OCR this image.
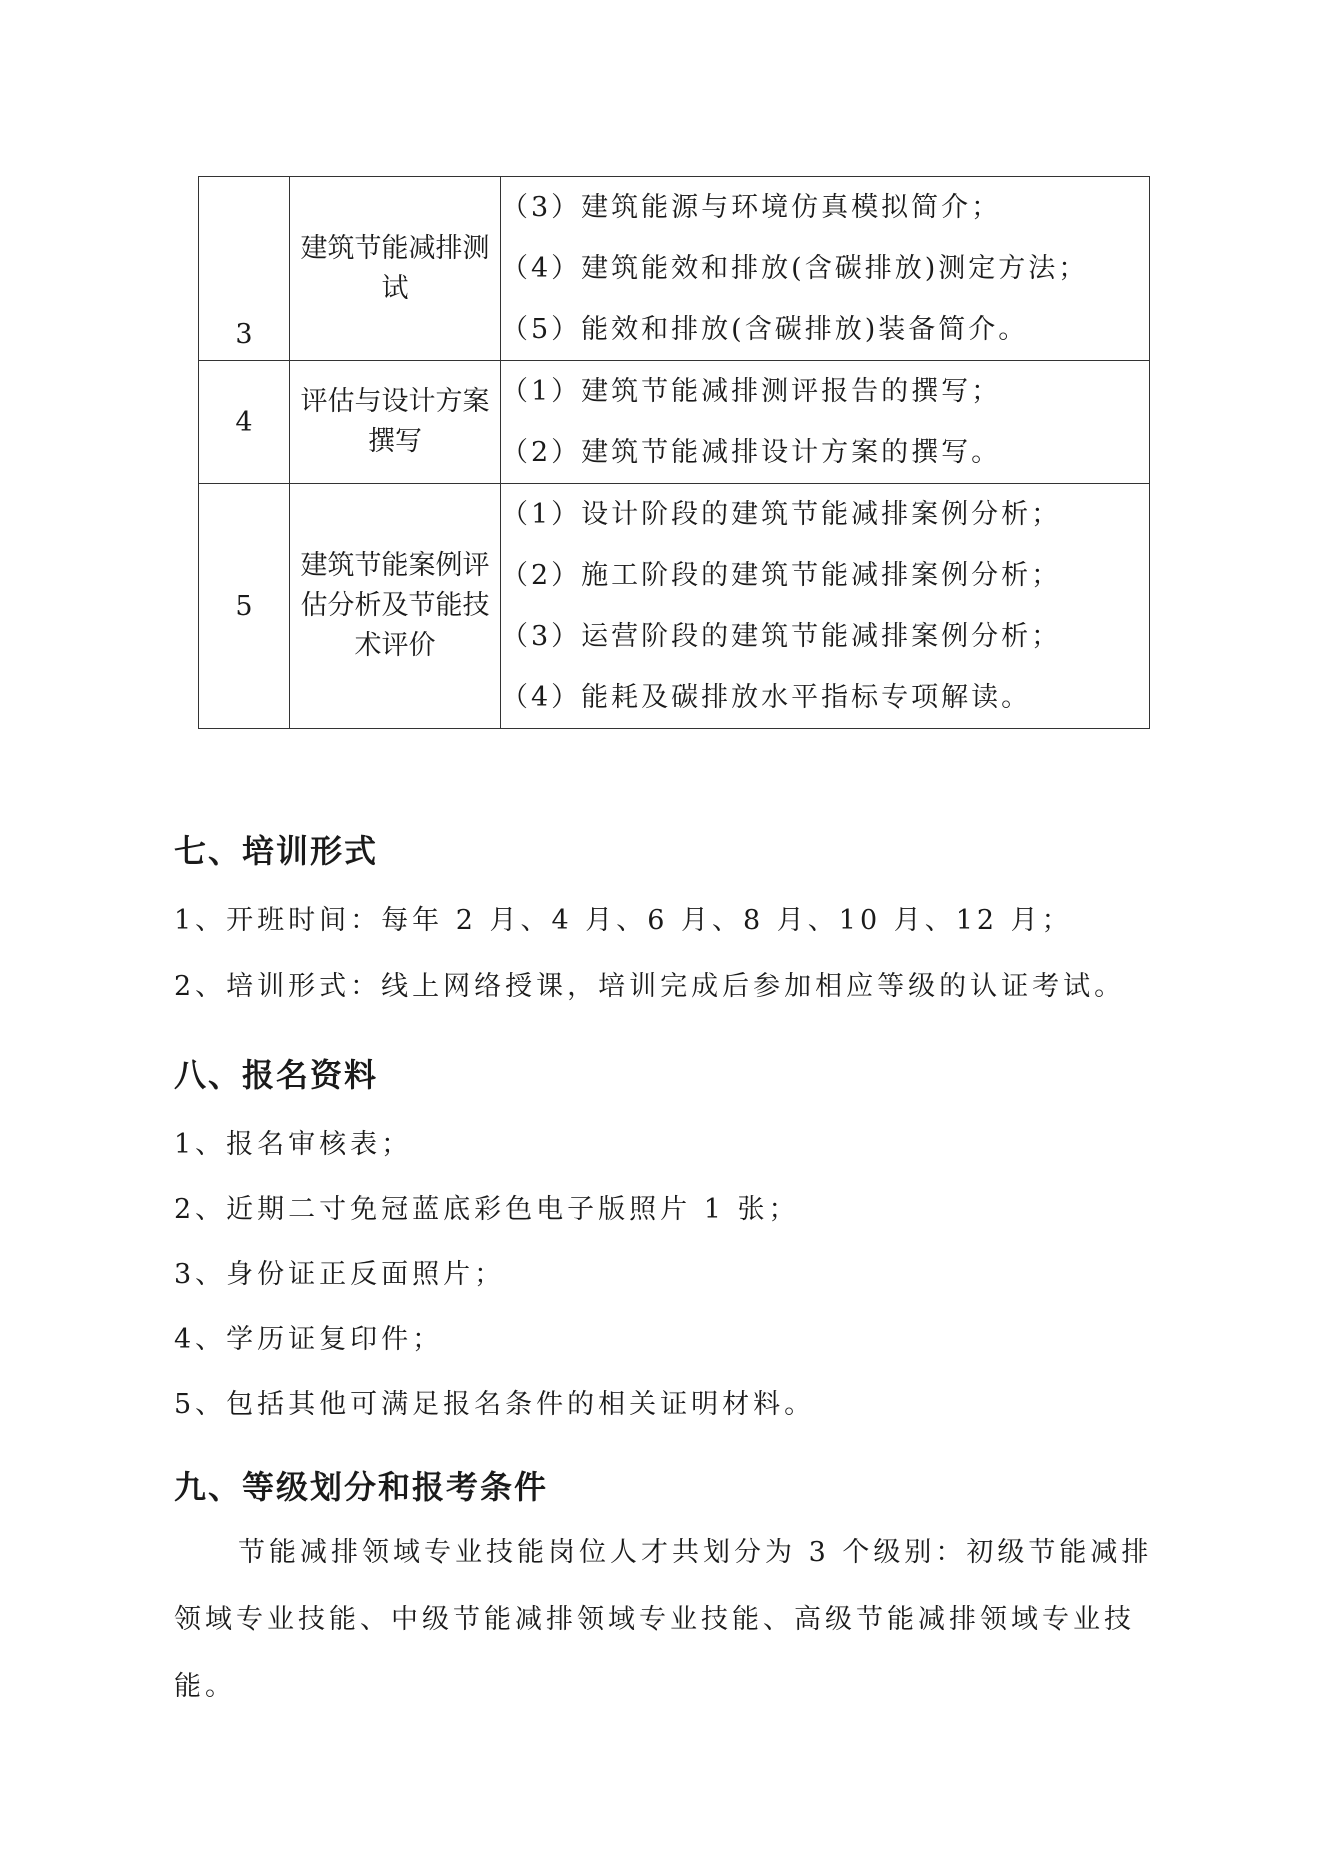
3	建筑节能减排测试	（3）建筑能源与环境仿真模拟简介；
（4）建筑能效和排放(含碳排放)测定方法；
（5）能效和排放(含碳排放)装备简介。

4	评估与设计方案撰写	（1）建筑节能减排测评报告的撰写；
（2）建筑节能减排设计方案的撰写。

5	建筑节能案例评估分析及节能技术评价	（1）设计阶段的建筑节能减排案例分析；
（2）施工阶段的建筑节能减排案例分析；
（3）运营阶段的建筑节能减排案例分析；
（4）能耗及碳排放水平指标专项解读。
七、培训形式
1、开班时间：每年 2 月、4 月、6 月、8 月、10 月、12 月；
2、培训形式：线上网络授课，培训完成后参加相应等级的认证考试。
八、报名资料
1、报名审核表；
2、近期二寸免冠蓝底彩色电子版照片 1 张；
3、身份证正反面照片；
4、学历证复印件；
5、包括其他可满足报名条件的相关证明材料。
九、等级划分和报考条件
节能减排领域专业技能岗位人才共划分为 3 个级别：初级节能减排领域专业技能、中级节能减排领域专业技能、高级节能减排领域专业技能。
